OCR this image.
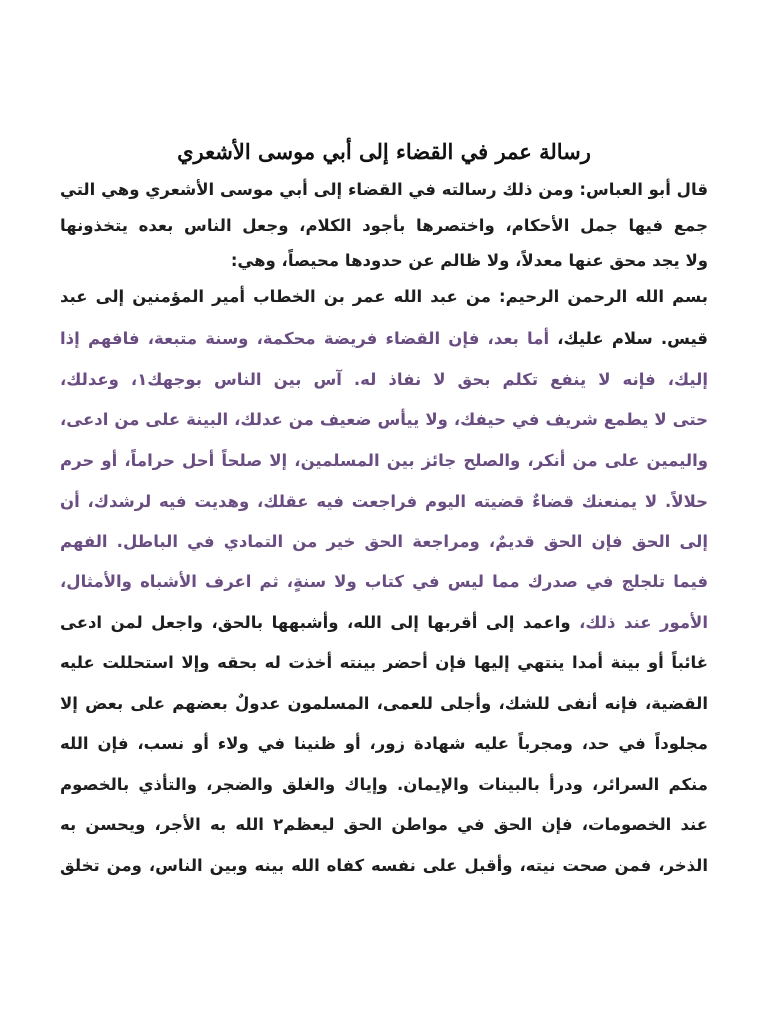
رسالة عمر في القضاء إلى أبي موسى الأشعري
قال أبو العباس: ومن ذلك رسالته في القضاء إلى أبي موسى الأشعري وهي التي
جمع فيها جمل الأحكام، واختصرها بأجود الكلام، وجعل الناس بعده يتخذونها
ولا يجد محق عنها معدلاً، ولا ظالم عن حدودها محيصاً، وهي:
بسم الله الرحمن الرحيم: من عبد الله عمر بن الخطاب أمير المؤمنين إلى عبد
قيس. سلام عليك، أما بعد، فإن القضاء فريضة محكمة، وسنة متبعة، فافهم إذا
إليك، فإنه لا ينفع تكلم بحق لا نفاذ له. آس بين الناس بوجهك١، وعدلك،
حتى لا يطمع شريف في حيفك، ولا ييأس ضعيف من عدلك، البينة على من ادعى،
واليمين على من أنكر، والصلح جائز بين المسلمين، إلا صلحاً أحل حراماً، أو حرم
حلالاً. لا يمنعنك قضاءٌ قضيته اليوم فراجعت فيه عقلك، وهديت فيه لرشدك، أن
إلى الحق فإن الحق قديمٌ، ومراجعة الحق خير من التمادي في الباطل. الفهم
فيما تلجلج في صدرك مما ليس في كتاب ولا سنةٍ، ثم اعرف الأشباه والأمثال،
الأمور عند ذلك، واعمد إلى أقربها إلى الله، وأشبهها بالحق، واجعل لمن ادعى
غائباً أو بينة أمدا ينتهي إليها فإن أحضر بينته أخذت له بحقه وإلا استحللت عليه
القضية، فإنه أنفى للشك، وأجلى للعمى، المسلمون عدولٌ بعضهم على بعض إلا
مجلوداً في حد، ومجرباً عليه شهادة زور، أو ظنينا في ولاء أو نسب، فإن الله
منكم السرائر، ودرأ بالبينات والإيمان. وإياك والغلق والضجر، والتأذي بالخصوم
عند الخصومات، فإن الحق في مواطن الحق ليعظم٢ الله به الأجر، ويحسن به
الذخر، فمن صحت نيته، وأقبل على نفسه كفاه الله بينه وبين الناس، ومن تخلق
